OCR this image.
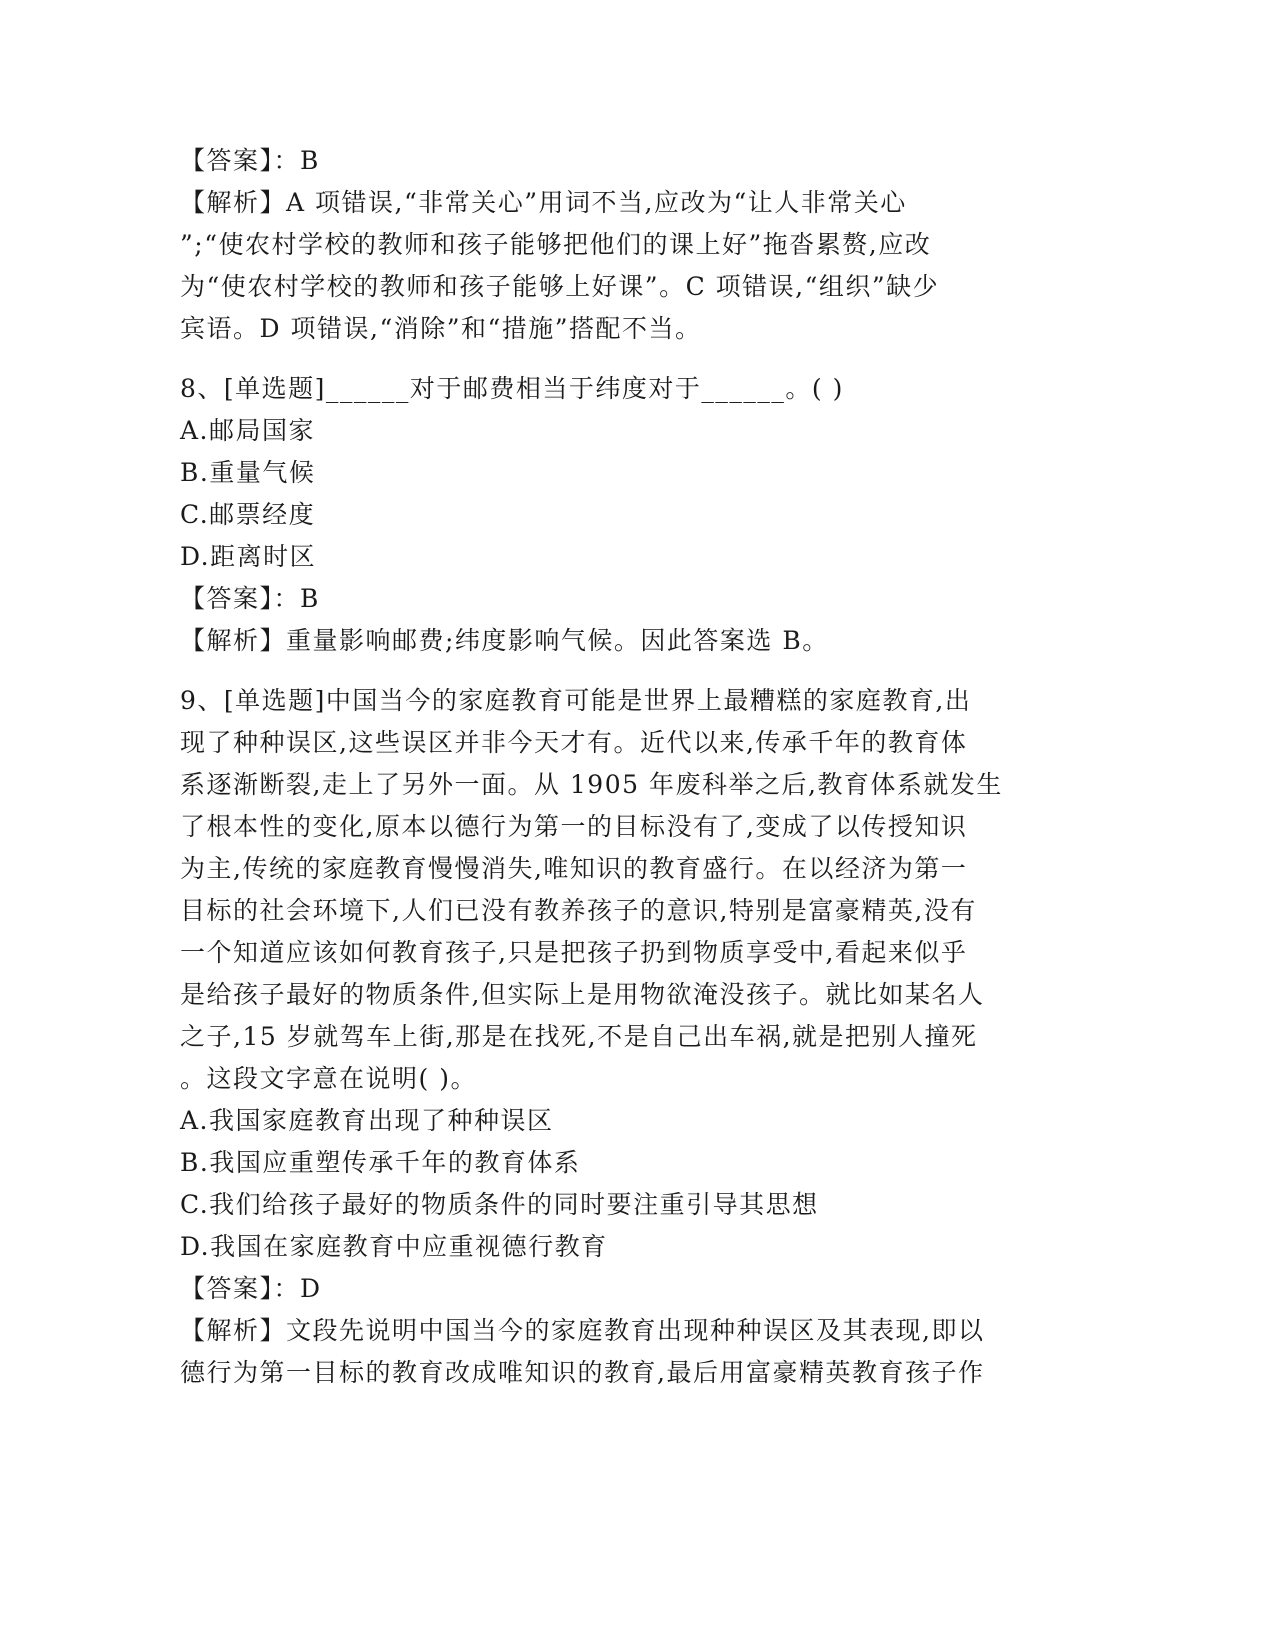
【答案】：B
【解析】A 项错误,“非常关心”用词不当,应改为“让人非常关心
”;“使农村学校的教师和孩子能够把他们的课上好”拖沓累赘,应改
为“使农村学校的教师和孩子能够上好课”。C 项错误,“组织”缺少
宾语。D 项错误,“消除”和“措施”搭配不当。
8、[单选题]______对于邮费相当于纬度对于______。( )
A.邮局国家
B.重量气候
C.邮票经度
D.距离时区
【答案】：B
【解析】重量影响邮费;纬度影响气候。因此答案选 B。
9、[单选题]中国当今的家庭教育可能是世界上最糟糕的家庭教育,出
现了种种误区,这些误区并非今天才有。近代以来,传承千年的教育体
系逐渐断裂,走上了另外一面。从 1905 年废科举之后,教育体系就发生
了根本性的变化,原本以德行为第一的目标没有了,变成了以传授知识
为主,传统的家庭教育慢慢消失,唯知识的教育盛行。在以经济为第一
目标的社会环境下,人们已没有教养孩子的意识,特别是富豪精英,没有
一个知道应该如何教育孩子,只是把孩子扔到物质享受中,看起来似乎
是给孩子最好的物质条件,但实际上是用物欲淹没孩子。就比如某名人
之子,15 岁就驾车上街,那是在找死,不是自己出车祸,就是把别人撞死
。这段文字意在说明( )。
A.我国家庭教育出现了种种误区
B.我国应重塑传承千年的教育体系
C.我们给孩子最好的物质条件的同时要注重引导其思想
D.我国在家庭教育中应重视德行教育
【答案】：D
【解析】文段先说明中国当今的家庭教育出现种种误区及其表现,即以
德行为第一目标的教育改成唯知识的教育,最后用富豪精英教育孩子作
